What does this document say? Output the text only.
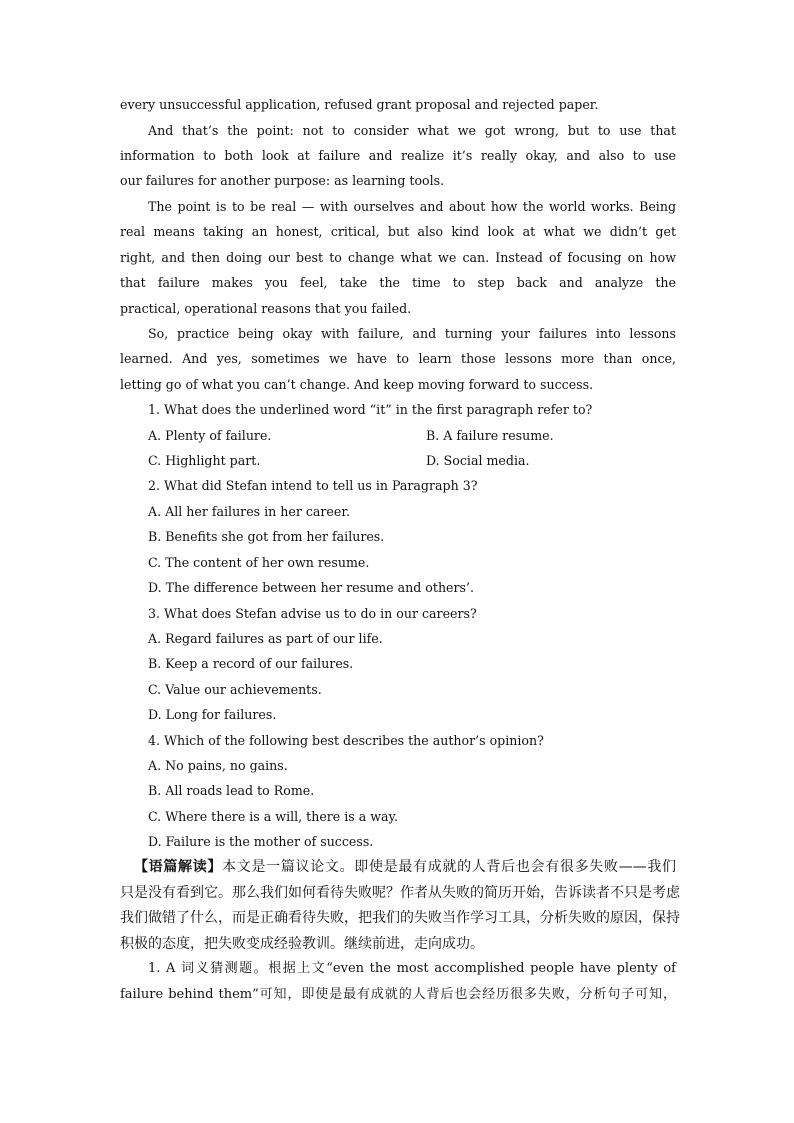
every unsuccessful application, refused grant proposal and rejected paper.

And that’s the point: not to consider what we got wrong, but to use that

information to both look at failure and realize it’s really okay, and also to use

our failures for another purpose: as learning tools.

The point is to be real — with ourselves and about how the world works. Being

real means taking an honest, critical, but also kind look at what we didn’t get

right, and then doing our best to change what we can. Instead of focusing on how

that failure makes you feel, take the time to step back and analyze the

practical, operational reasons that you failed.

So, practice being okay with failure, and turning your failures into lessons

learned. And yes, sometimes we have to learn those lessons more than once,

letting go of what you can’t change. And keep moving forward to success.

1. What does the underlined word “it” in the first paragraph refer to?

A. Plenty of failure.	B. A failure resume.
C. Highlight part.	D. Social media.

2. What did Stefan intend to tell us in Paragraph 3?

A. All her failures in her career.

B. Benefits she got from her failures.

C. The content of her own resume.

D. The difference between her resume and others’.

3. What does Stefan advise us to do in our careers?

A. Regard failures as part of our life.

B. Keep a record of our failures.

C. Value our achievements.

D. Long for failures.

4. Which of the following best describes the author’s opinion?

A. No pains, no gains.

B. All roads lead to Rome.

C. Where there is a will, there is a way.

D. Failure is the mother of success.

【语篇解读】本文是一篇议论文。即使是最有成就的人背后也会有很多失败——我们

只是没有看到它。那么我们如何看待失败呢？作者从失败的简历开始，告诉读者不只是考虑

我们做错了什么，而是正确看待失败，把我们的失败当作学习工具，分析失败的原因，保持

积极的态度，把失败变成经验教训。继续前进，走向成功。

1. A 词义猜测题。根据上文“even the most accomplished people have plenty of

failure behind them”可知，即使是最有成就的人背后也会经历很多失败，分析句子可知，
